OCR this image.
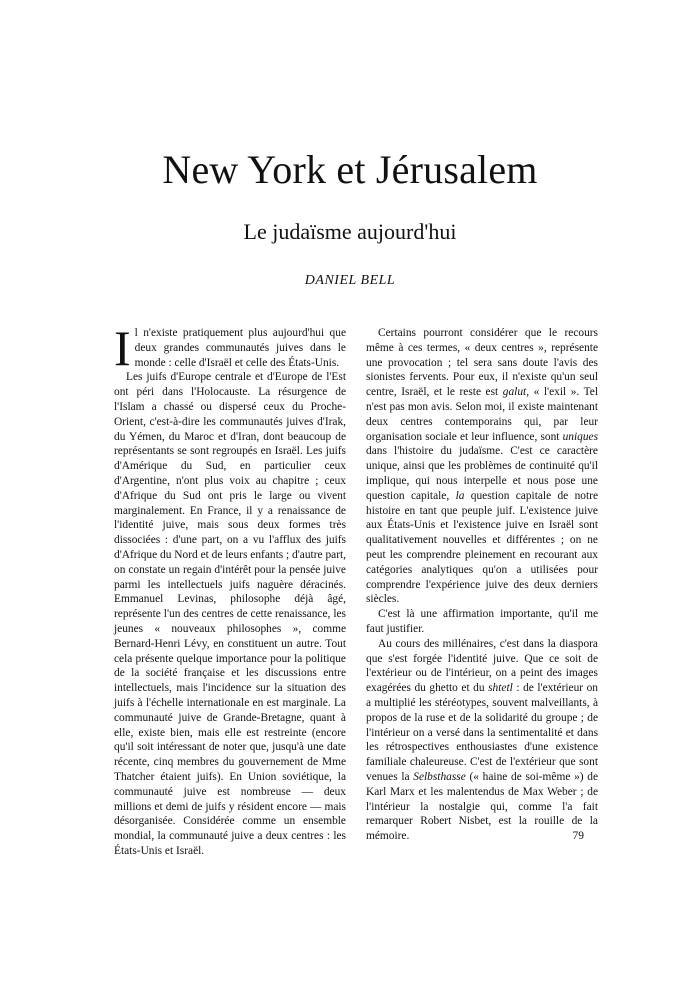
New York et Jérusalem
Le judaïsme aujourd'hui
DANIEL BELL

Il n'existe pratiquement plus aujourd'hui que deux grandes communautés juives dans le monde : celle d'Israël et celle des États-Unis.

Les juifs d'Europe centrale et d'Europe de l'Est ont péri dans l'Holocauste. La résurgence de l'Islam a chassé ou dispersé ceux du Proche-Orient, c'est-à-dire les communautés juives d'Irak, du Yémen, du Maroc et d'Iran, dont beaucoup de représentants se sont regroupés en Israël. Les juifs d'Amérique du Sud, en particulier ceux d'Argentine, n'ont plus voix au chapitre ; ceux d'Afrique du Sud ont pris le large ou vivent marginalement. En France, il y a renaissance de l'identité juive, mais sous deux formes très dissociées : d'une part, on a vu l'afflux des juifs d'Afrique du Nord et de leurs enfants ; d'autre part, on constate un regain d'intérêt pour la pensée juive parmi les intellectuels juifs naguère déracinés. Emmanuel Levinas, philosophe déjà âgé, représente l'un des centres de cette renaissance, les jeunes « nouveaux philosophes », comme Bernard-Henri Lévy, en constituent un autre. Tout cela présente quelque importance pour la politique de la société française et les discussions entre intellectuels, mais l'incidence sur la situation des juifs à l'échelle internationale en est marginale. La communauté juive de Grande-Bretagne, quant à elle, existe bien, mais elle est restreinte (encore qu'il soit intéressant de noter que, jusqu'à une date récente, cinq membres du gouvernement de Mme Thatcher étaient juifs). En Union soviétique, la communauté juive est nombreuse — deux millions et demi de juifs y résident encore — mais désorganisée. Considérée comme un ensemble mondial, la communauté juive a deux centres : les États-Unis et Israël.

Certains pourront considérer que le recours même à ces termes, « deux centres », représente une provocation ; tel sera sans doute l'avis des sionistes fervents. Pour eux, il n'existe qu'un seul centre, Israël, et le reste est galut, « l'exil ». Tel n'est pas mon avis. Selon moi, il existe maintenant deux centres contemporains qui, par leur organisation sociale et leur influence, sont uniques dans l'histoire du judaïsme. C'est ce caractère unique, ainsi que les problèmes de continuité qu'il implique, qui nous interpelle et nous pose une question capitale, la question capitale de notre histoire en tant que peuple juif. L'existence juive aux États-Unis et l'existence juive en Israël sont qualitativement nouvelles et différentes ; on ne peut les comprendre pleinement en recourant aux catégories analytiques qu'on a utilisées pour comprendre l'expérience juive des deux derniers siècles.

C'est là une affirmation importante, qu'il me faut justifier.

Au cours des millénaires, c'est dans la diaspora que s'est forgée l'identité juive. Que ce soit de l'extérieur ou de l'intérieur, on a peint des images exagérées du ghetto et du shtetl : de l'extérieur on a multiplié les stéréotypes, souvent malveillants, à propos de la ruse et de la solidarité du groupe ; de l'intérieur on a versé dans la sentimentalité et dans les rétrospectives enthousiastes d'une existence familiale chaleureuse. C'est de l'extérieur que sont venues la Selbsthasse (« haine de soi-même ») de Karl Marx et les malentendus de Max Weber ; de l'intérieur la nostalgie qui, comme l'a fait remarquer Robert Nisbet, est la rouille de la mémoire.	79
